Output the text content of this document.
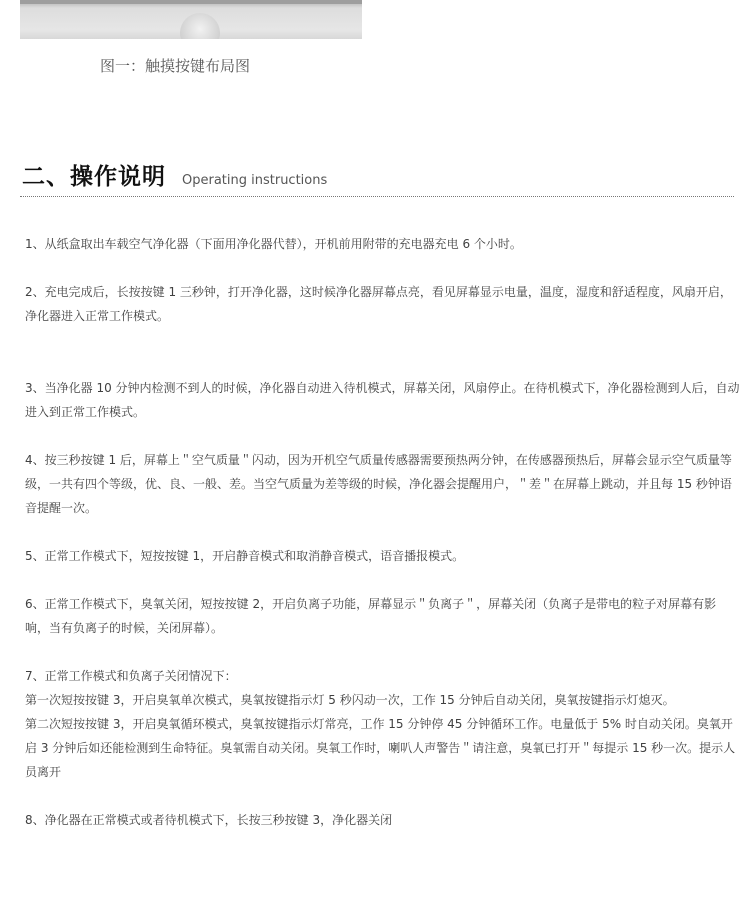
图一：触摸按键布局图
二、操作说明 Operating instructions

1、从纸盒取出车载空气净化器（下面用净化器代替），开机前用附带的充电器充电 6 个小时。

2、充电完成后，长按按键 1 三秒钟，打开净化器，这时候净化器屏幕点亮，看见屏幕显示电量，温度，湿度和舒适程度，风扇开启，净化器进入正常工作模式。

3、当净化器 10 分钟内检测不到人的时候，净化器自动进入待机模式，屏幕关闭，风扇停止。在待机模式下，净化器检测到人后，自动进入到正常工作模式。

4、按三秒按键 1 后，屏幕上＂空气质量＂闪动，因为开机空气质量传感器需要预热两分钟，在传感器预热后，屏幕会显示空气质量等级，一共有四个等级，优、良、一般、差。当空气质量为差等级的时候，净化器会提醒用户，＂差＂在屏幕上跳动，并且每 15 秒钟语音提醒一次。

5、正常工作模式下，短按按键 1，开启静音模式和取消静音模式，语音播报模式。

6、正常工作模式下，臭氧关闭，短按按键 2，开启负离子功能，屏幕显示＂负离子＂，屏幕关闭（负离子是带电的粒子对屏幕有影响，当有负离子的时候，关闭屏幕）。

7、正常工作模式和负离子关闭情况下：

第一次短按按键 3，开启臭氧单次模式，臭氧按键指示灯 5 秒闪动一次，工作 15 分钟后自动关闭，臭氧按键指示灯熄灭。

第二次短按按键 3，开启臭氧循环模式，臭氧按键指示灯常亮，工作 15 分钟停 45 分钟循环工作。电量低于 5% 时自动关闭。臭氧开启 3 分钟后如还能检测到生命特征。臭氧需自动关闭。臭氧工作时，喇叭人声警告＂请注意，臭氧已打开＂每提示 15 秒一次。提示人员离开

8、净化器在正常模式或者待机模式下，长按三秒按键 3，净化器关闭
